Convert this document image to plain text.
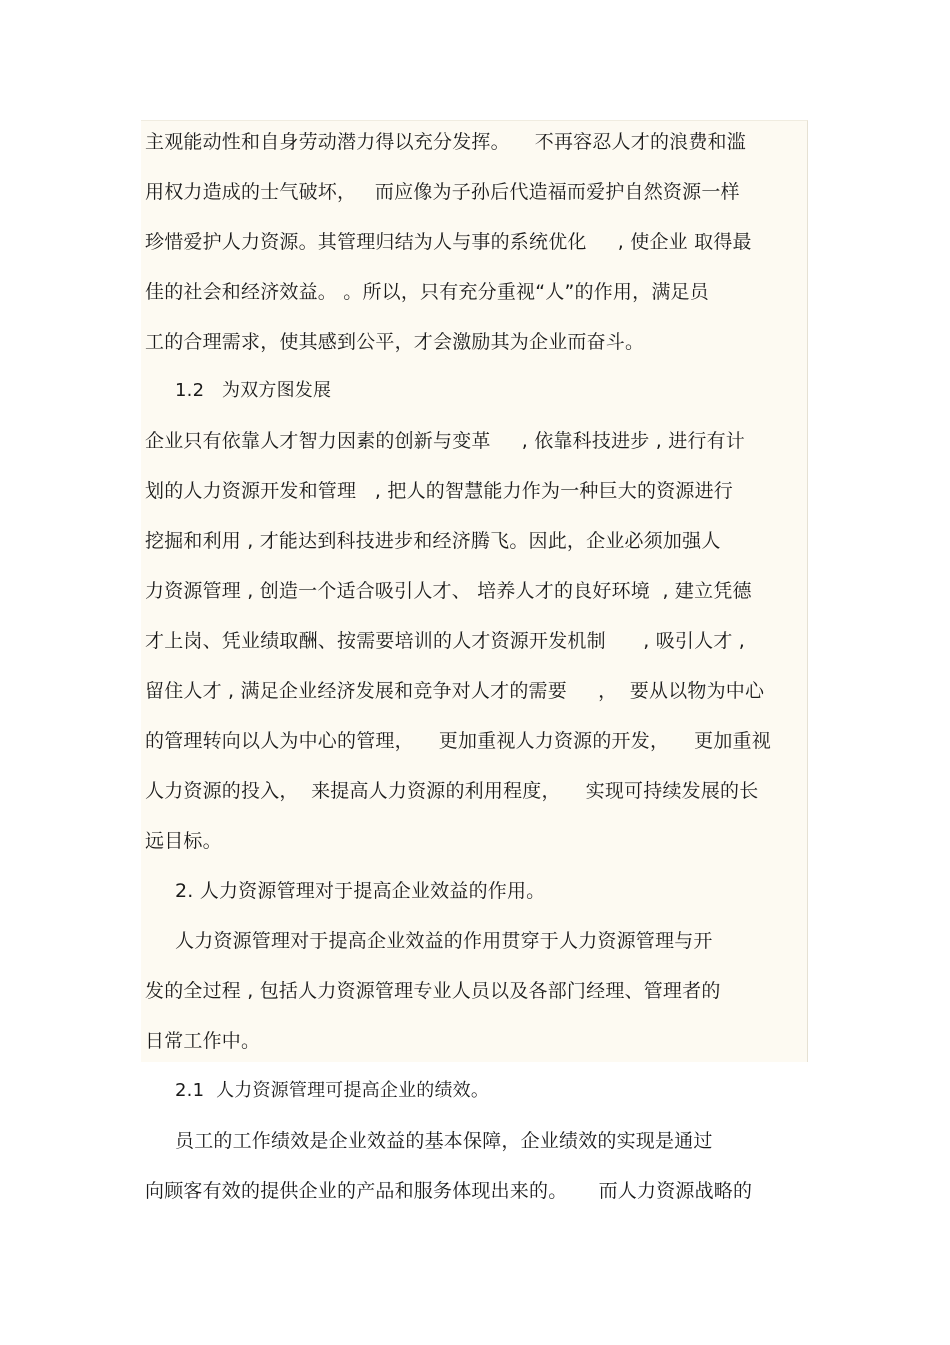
主观能动性和自身劳动潜力得以充分发挥。    不再容忍人才的浪费和滥
用权力造成的士气破坏，   而应像为子孙后代造福而爱护自然资源一样
珍惜爱护人力资源。其管理归结为人与事的系统优化     , 使企业 取得最
佳的社会和经济效益。 。所以，只有充分重视“人”的作用，满足员
工的合理需求，使其感到公平，才会激励其为企业而奋斗。
1.2   为双方图发展
企业只有依靠人才智力因素的创新与变革     , 依靠科技进步 , 进行有计
划的人力资源开发和管理   , 把人的智慧能力作为一种巨大的资源进行
挖掘和利用 , 才能达到科技进步和经济腾飞。因此，企业必须加强人
力资源管理 , 创造一个适合吸引人才、 培养人才的良好环境  , 建立凭德
才上岗、凭业绩取酬、按需要培训的人才资源开发机制      , 吸引人才 ,
留住人才 , 满足企业经济发展和竞争对人才的需要     ，  要从以物为中心
的管理转向以人为中心的管理，    更加重视人力资源的开发，    更加重视
人力资源的投入，  来提高人力资源的利用程度，    实现可持续发展的长
远目标。
2. 人力资源管理对于提高企业效益的作用。
人力资源管理对于提高企业效益的作用贯穿于人力资源管理与开
发的全过程 , 包括人力资源管理专业人员以及各部门经理、管理者的
日常工作中。
2.1  人力资源管理可提高企业的绩效。
员工的工作绩效是企业效益的基本保障，企业绩效的实现是通过
向顾客有效的提供企业的产品和服务体现出来的。     而人力资源战略的
